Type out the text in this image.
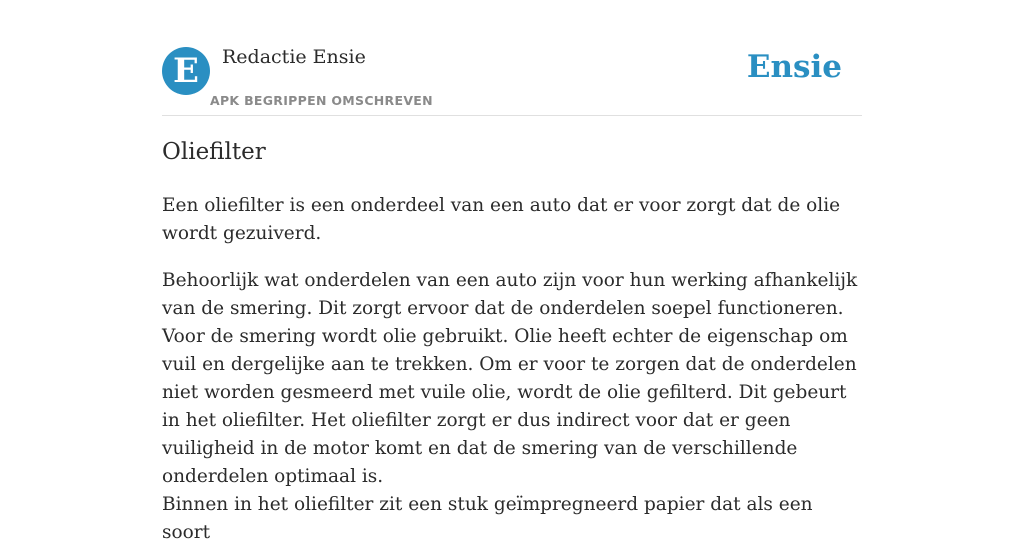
E	Redactie Ensie
APK BEGRIPPEN OMSCHREVEN
Ensie
Oliefilter

Een oliefilter is een onderdeel van een auto dat er voor zorgt dat de olie wordt gezuiverd.

Behoorlijk wat onderdelen van een auto zijn voor hun werking afhankelijk van de smering. Dit zorgt ervoor dat de onderdelen soepel functioneren. Voor de smering wordt olie gebruikt. Olie heeft echter de eigenschap om vuil en dergelijke aan te trekken. Om er voor te zorgen dat de onderdelen niet worden gesmeerd met vuile olie, wordt de olie gefilterd. Dit gebeurt in het oliefilter. Het oliefilter zorgt er dus indirect voor dat er geen vuiligheid in de motor komt en dat de smering van de verschillende onderdelen optimaal is.

Binnen in het oliefilter zit een stuk geïmpregneerd papier dat als een soort
